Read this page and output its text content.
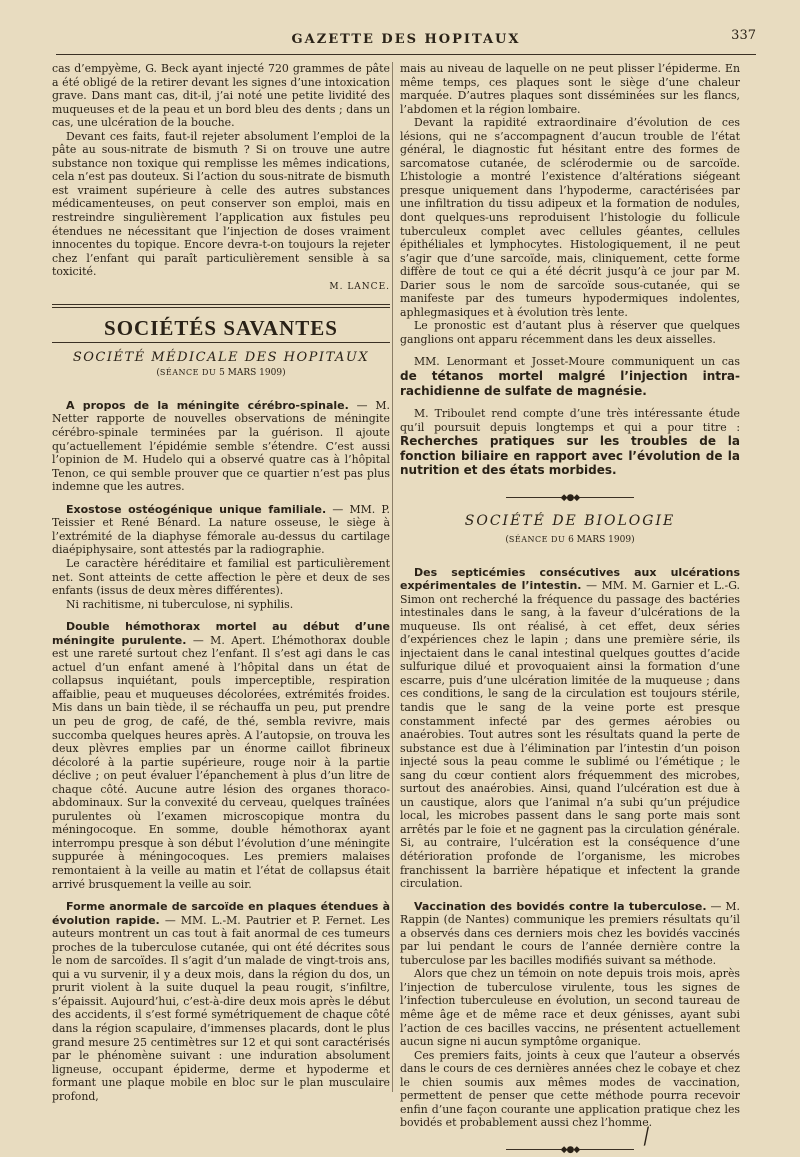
GAZETTE DES HOPITAUX	337

cas d’empyème, G. Beck ayant injecté 720 grammes de pâte a été obligé de la retirer devant les signes d’une intoxication grave. Dans mant cas, dit-il, j’ai noté une petite lividité des muqueuses et de la peau et un bord bleu des dents ; dans un cas, une ulcération de la bouche.

Devant ces faits, faut-il rejeter absolument l’emploi de la pâte au sous-nitrate de bismuth ? Si on trouve une autre substance non toxique qui remplisse les mêmes indications, cela n’est pas douteux. Si l’action du sous-nitrate de bismuth est vraiment supérieure à celle des autres substances médicamenteuses, on peut conserver son emploi, mais en restreindre singulièrement l’application aux fistules peu étendues ne nécessitant que l’injection de doses vraiment innocentes du topique. Encore devra-t-on toujours la rejeter chez l’enfant qui paraît particulièrement sensible à sa toxicité.

M. LANCE.
SOCIÉTÉS SAVANTES
SOCIÉTÉ MÉDICALE DES HOPITAUX
(SÉANCE DU 5 MARS 1909)

A propos de la méningite cérébro-spinale. — M. Netter rapporte de nouvelles observations de méningite cérébro-spinale terminées par la guérison. Il ajoute qu’actuellement l’épidémie semble s’étendre. C’est aussi l’opinion de M. Hudelo qui a observé quatre cas à l’hôpital Tenon, ce qui semble prouver que ce quartier n’est pas plus indemne que les autres.

Exostose ostéogénique unique familiale. — MM. P. Teissier et René Bénard. La nature osseuse, le siège à l’extrémité de la diaphyse fémorale au-dessus du cartilage diaépiphysaire, sont attestés par la radiographie.

Le caractère héréditaire et familial est particulièrement net. Sont atteints de cette affection le père et deux de ses enfants (issus de deux mères différentes).

Ni rachitisme, ni tuberculose, ni syphilis.

Double hémothorax mortel au début d’une méningite purulente. — M. Apert. L’hémothorax double est une rareté surtout chez l’enfant. Il s’est agi dans le cas actuel d’un enfant amené à l’hôpital dans un état de collapsus inquiétant, pouls imperceptible, respiration affaiblie, peau et muqueuses décolorées, extrémités froides. Mis dans un bain tiède, il se réchauffa un peu, put prendre un peu de grog, de café, de thé, sembla revivre, mais succomba quelques heures après. A l’autopsie, on trouva les deux plèvres emplies par un énorme caillot fibrineux décoloré à la partie supérieure, rouge noir à la partie déclive ; on peut évaluer l’épanchement à plus d’un litre de chaque côté. Aucune autre lésion des organes thoraco-abdominaux. Sur la convexité du cerveau, quelques traînées purulentes où l’examen microscopique montra du méningocoque. En somme, double hémothorax ayant interrompu presque à son début l’évolution d’une méningite suppurée à méningocoques. Les premiers malaises remontaient à la veille au matin et l’état de collapsus était arrivé brusquement la veille au soir.

Forme anormale de sarcoïde en plaques étendues à évolution rapide. — MM. L.-M. Pautrier et P. Fernet. Les auteurs montrent un cas tout à fait anormal de ces tumeurs proches de la tuberculose cutanée, qui ont été décrites sous le nom de sarcoïdes. Il s’agit d’un malade de vingt-trois ans, qui a vu survenir, il y a deux mois, dans la région du dos, un prurit violent à la suite duquel la peau rougit, s’infiltre, s’épaissit. Aujourd’hui, c’est-à-dire deux mois après le début des accidents, il s’est formé symétriquement de chaque côté dans la région scapulaire, d’immenses placards, dont le plus grand mesure 25 centimètres sur 12 et qui sont caractérisés par le phénomène suivant : une induration absolument ligneuse, occupant épiderme, derme et hypoderme et formant une plaque mobile en bloc sur le plan musculaire profond,

mais au niveau de laquelle on ne peut plisser l’épiderme. En même temps, ces plaques sont le siège d’une chaleur marquée. D’autres plaques sont disséminées sur les flancs, l’abdomen et la région lombaire.

Devant la rapidité extraordinaire d’évolution de ces lésions, qui ne s’accompagnent d’aucun trouble de l’état général, le diagnostic fut hésitant entre des formes de sarcomatose cutanée, de sclérodermie ou de sarcoïde. L’histologie a montré l’existence d’altérations siégeant presque uniquement dans l’hypoderme, caractérisées par une infiltration du tissu adipeux et la formation de nodules, dont quelques-uns reproduisent l’histologie du follicule tuberculeux complet avec cellules géantes, cellules épithéliales et lymphocytes. Histologiquement, il ne peut s’agir que d’une sarcoïde, mais, cliniquement, cette forme diffère de tout ce qui a été décrit jusqu’à ce jour par M. Darier sous le nom de sarcoïde sous-cutanée, qui se manifeste par des tumeurs hypodermiques indolentes, aphlegmasiques et à évolution très lente.

Le pronostic est d’autant plus à réserver que quelques ganglions ont apparu récemment dans les deux aisselles.

MM. Lenormant et Josset-Moure communiquent un cas de tétanos mortel malgré l’injection intra-rachidienne de sulfate de magnésie.

M. Triboulet rend compte d’une très intéressante étude qu’il poursuit depuis longtemps et qui a pour titre : Recherches pratiques sur les troubles de la fonction biliaire en rapport avec l’évolution de la nutrition et des états morbides.

◆●◆
SOCIÉTÉ DE BIOLOGIE
(SÉANCE DU 6 MARS 1909)

Des septicémies consécutives aux ulcérations expérimentales de l’intestin. — MM. M. Garnier et L.-G. Simon ont recherché la fréquence du passage des bactéries intestinales dans le sang, à la faveur d’ulcérations de la muqueuse. Ils ont réalisé, à cet effet, deux séries d’expériences chez le lapin ; dans une première série, ils injectaient dans le canal intestinal quelques gouttes d’acide sulfurique dilué et provoquaient ainsi la formation d’une escarre, puis d’une ulcération limitée de la muqueuse ; dans ces conditions, le sang de la circulation est toujours stérile, tandis que le sang de la veine porte est presque constamment infecté par des germes aérobies ou anaérobies. Tout autres sont les résultats quand la perte de substance est due à l’élimination par l’intestin d’un poison injecté sous la peau comme le sublimé ou l’émétique ; le sang du cœur contient alors fréquemment des microbes, surtout des anaérobies. Ainsi, quand l’ulcération est due à un caustique, alors que l’animal n’a subi qu’un préjudice local, les microbes passent dans le sang porte mais sont arrêtés par le foie et ne gagnent pas la circulation générale. Si, au contraire, l’ulcération est la conséquence d’une détérioration profonde de l’organisme, les microbes franchissent la barrière hépatique et infectent la grande circulation.

Vaccination des bovidés contre la tuberculose. — M. Rappin (de Nantes) communique les premiers résultats qu’il a observés dans ces derniers mois chez les bovidés vaccinés par lui pendant le cours de l’année dernière contre la tuberculose par les bacilles modifiés suivant sa méthode.

Alors que chez un témoin on note depuis trois mois, après l’injection de tuberculose virulente, tous les signes de l’infection tuberculeuse en évolution, un second taureau de même âge et de même race et deux génisses, ayant subi l’action de ces bacilles vaccins, ne présentent actuellement aucun signe ni aucun symptôme organique.

Ces premiers faits, joints à ceux que l’auteur a observés dans le cours de ces dernières années chez le cobaye et chez le chien soumis aux mêmes modes de vaccination, permettent de penser que cette méthode pourra recevoir enfin d’une façon courante une application pratique chez les bovidés et probablement aussi chez l’homme.

◆●◆
⁄
